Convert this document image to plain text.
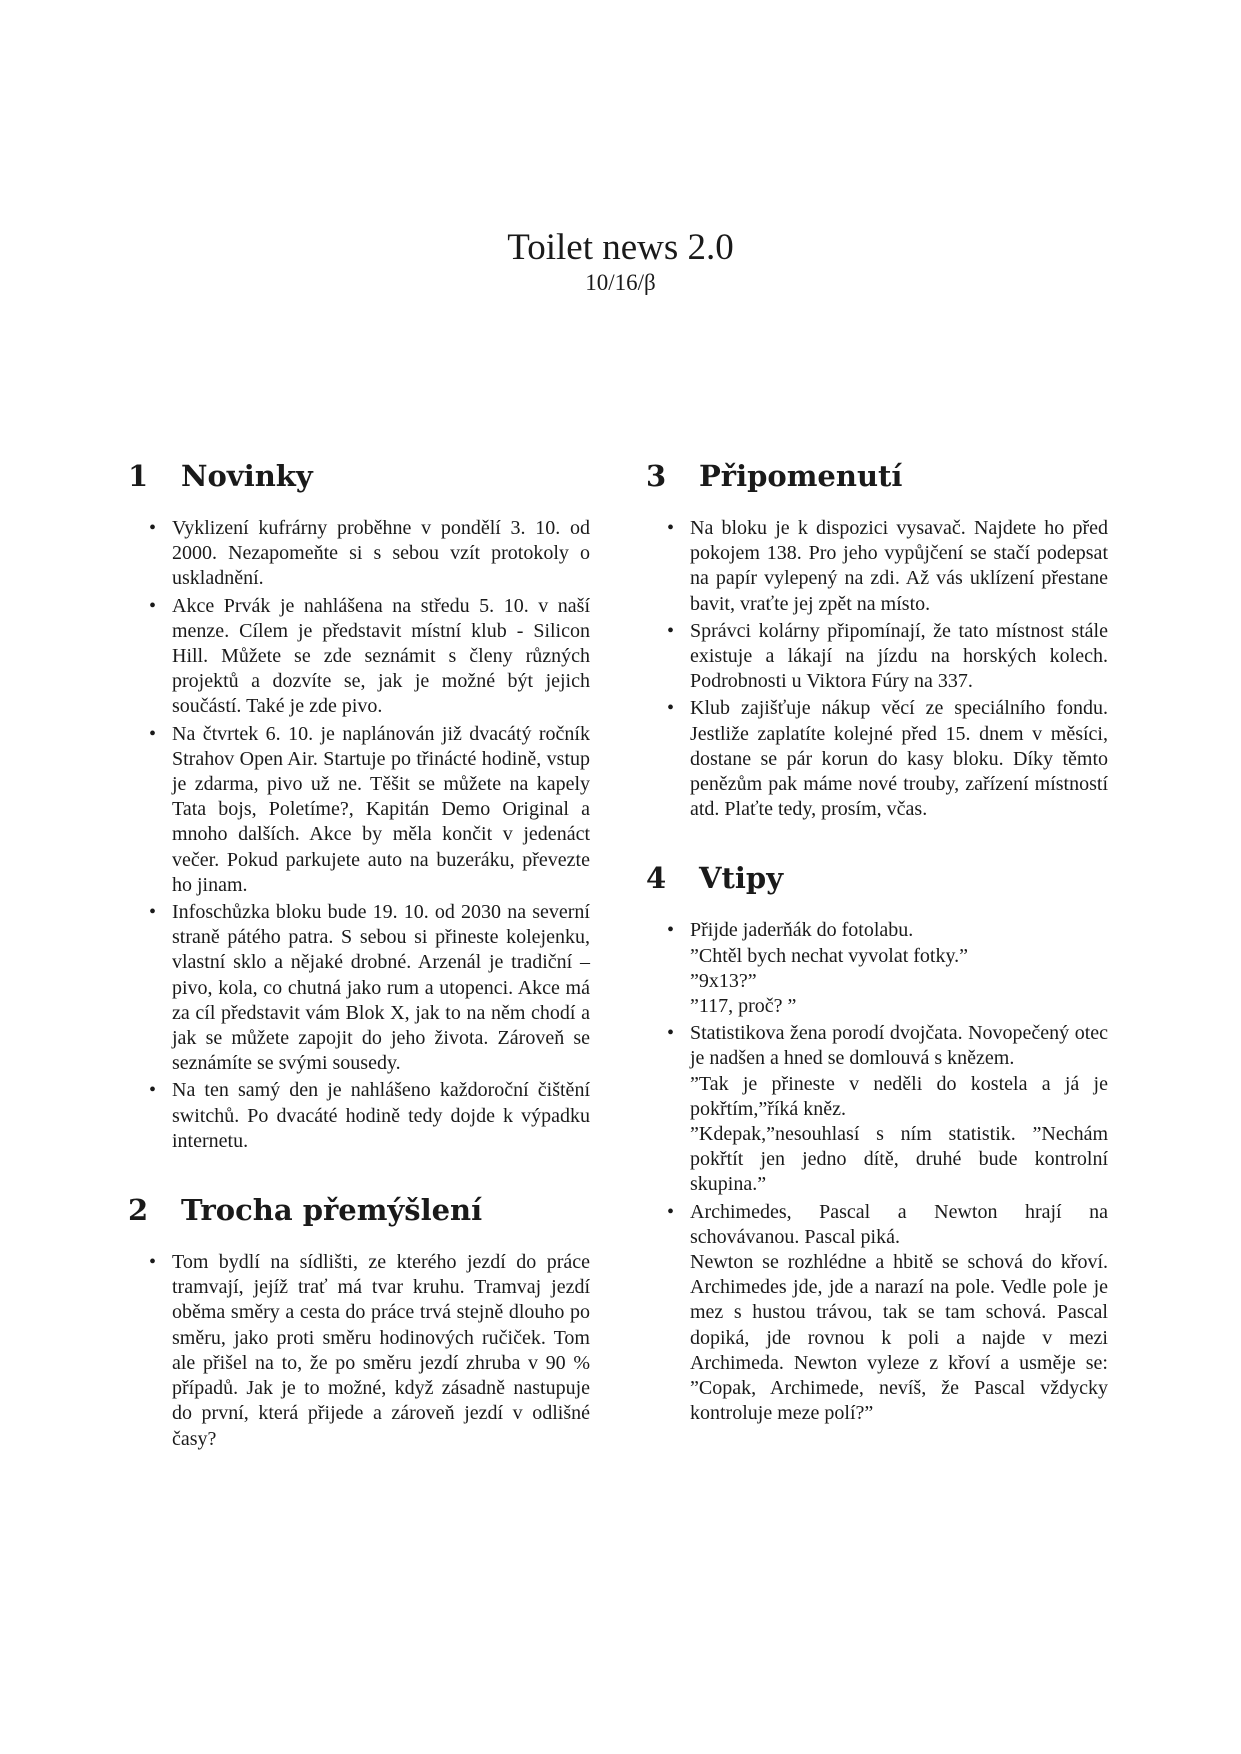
Toilet news 2.0
10/16/β
1	Novinky
• Vyklizení kufrárny proběhne v pondělí 3. 10. od 2000. Nezapomeňte si s sebou vzít protokoly o uskladnění.
• Akce Prvák je nahlášena na středu 5. 10. v naší menze. Cílem je představit místní klub - Silicon Hill. Můžete se zde seznámit s členy různých projektů a dozvíte se, jak je možné být jejich součástí. Také je zde pivo.
• Na čtvrtek 6. 10. je naplánován již dvacátý ročník Strahov Open Air. Startuje po třinácté hodině, vstup je zdarma, pivo už ne. Těšit se můžete na kapely Tata bojs, Poletíme?, Kapitán Demo Original a mnoho dalších. Akce by měla končit v jedenáct večer. Pokud parkujete auto na buzeráku, převezte ho jinam.
• Infoschůzka bloku bude 19. 10. od 2030 na severní straně pátého patra. S sebou si přineste kolejenku, vlastní sklo a nějaké drobné. Arzenál je tradiční – pivo, kola, co chutná jako rum a utopenci. Akce má za cíl představit vám Blok X, jak to na něm chodí a jak se můžete zapojit do jeho života. Zároveň se seznámíte se svými sousedy.
• Na ten samý den je nahlášeno každoroční čištění switchů. Po dvacáté hodině tedy dojde k výpadku internetu.
2	Trocha přemýšlení
• Tom bydlí na sídlišti, ze kterého jezdí do práce tramvají, jejíž trať má tvar kruhu. Tramvaj jezdí oběma směry a cesta do práce trvá stejně dlouho po směru, jako proti směru hodinových ručiček. Tom ale přišel na to, že po směru jezdí zhruba v 90 % případů. Jak je to možné, když zásadně nastupuje do první, která přijede a zároveň jezdí v odlišné časy?
3	Připomenutí
• Na bloku je k dispozici vysavač. Najdete ho před pokojem 138. Pro jeho vypůjčení se stačí podepsat na papír vylepený na zdi. Až vás uklízení přestane bavit, vraťte jej zpět na místo.
• Správci kolárny připomínají, že tato místnost stále existuje a lákají na jízdu na horských kolech. Podrobnosti u Viktora Fúry na 337.
• Klub zajišťuje nákup věcí ze speciálního fondu. Jestliže zaplatíte kolejné před 15. dnem v měsíci, dostane se pár korun do kasy bloku. Díky těmto penězům pak máme nové trouby, zařízení místností atd. Plaťte tedy, prosím, včas.
4	Vtipy
• Přijde jaderňák do fotolabu.
”Chtěl bych nechat vyvolat fotky.”
”9x13?”
”117, proč? ”
• Statistikova žena porodí dvojčata. Novopečený otec je nadšen a hned se domlouvá s knězem.
”Tak je přineste v neděli do kostela a já je pokřtím,”říká kněz.
”Kdepak,”nesouhlasí s ním statistik. ”Nechám pokřtít jen jedno dítě, druhé bude kontrolní skupina.”
• Archimedes, Pascal a Newton hrají na schovávanou. Pascal piká.
Newton se rozhlédne a hbitě se schová do křoví. Archimedes jde, jde a narazí na pole. Vedle pole je mez s hustou trávou, tak se tam schová. Pascal dopiká, jde rovnou k poli a najde v mezi Archimeda. Newton vyleze z křoví a usměje se: ”Copak, Archimede, nevíš, že Pascal vždycky kontroluje meze polí?”
